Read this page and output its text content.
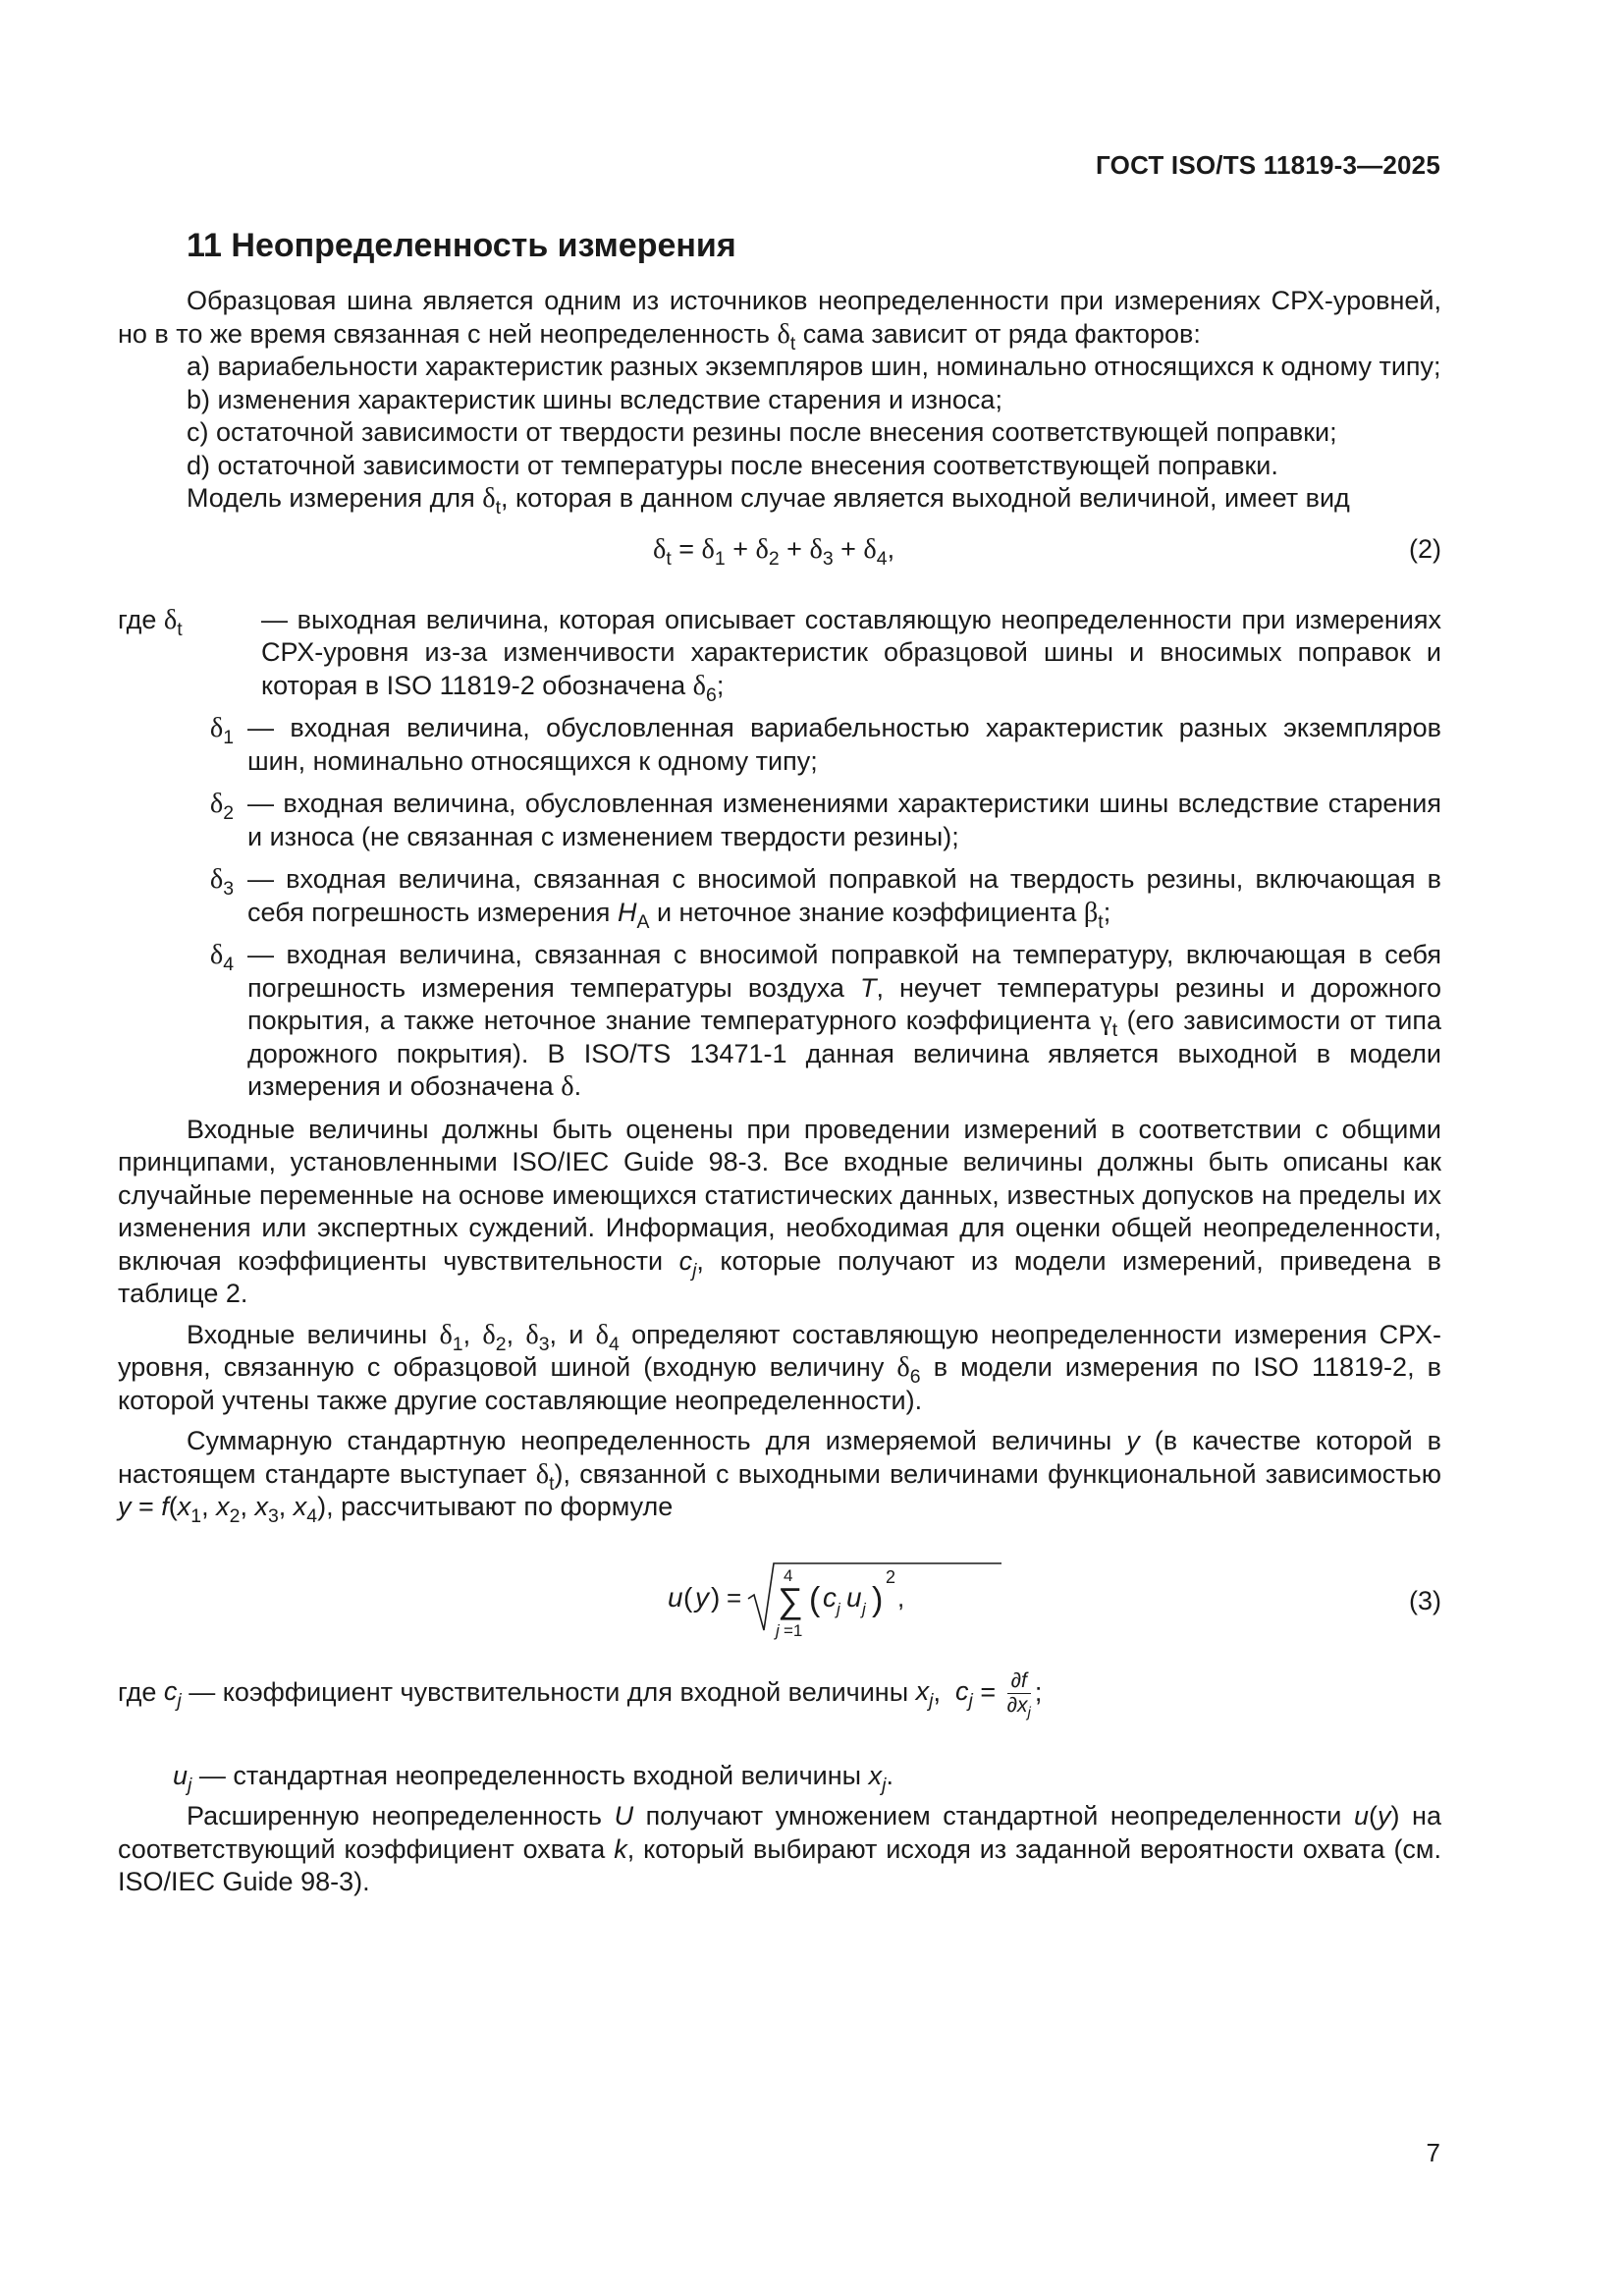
ГОСТ ISO/TS 11819-3—2025
11 Неопределенность измерения

Образцовая шина является одним из источников неопределенности при измерениях СРХ-уровней, но в то же время связанная с ней неопределенность $\delta_t$ сама зависит от ряда факторов:

a) вариабельности характеристик разных экземпляров шин, номинально относящихся к одному типу;

b) изменения характеристик шины вследствие старения и износа;

c) остаточной зависимости от твердости резины после внесения соответствующей поправки;

d) остаточной зависимости от температуры после внесения соответствующей поправки.

Модель измерения для $\delta_t$, которая в данном случае является выходной величиной, имеет вид

$\delta_t = \delta_1 + \delta_2 + \delta_3 + \delta_4$,	(2)
где $\delta_t$	— выходная величина, которая описывает составляющую неопределенности при измерениях СРХ-уровня из-за изменчивости характеристик образцовой шины и вносимых поправок и которая в ISO 11819-2 обозначена $\delta_6$;
$\delta_1$	— входная величина, обусловленная вариабельностью характеристик разных экземпляров шин, номинально относящихся к одному типу;
$\delta_2$	— входная величина, обусловленная изменениями характеристики шины вследствие старения и износа (не связанная с изменением твердости резины);
$\delta_3$	— входная величина, связанная с вносимой поправкой на твердость резины, включающая в себя погрешность измерения $H_A$ и неточное знание коэффициента $\beta_t$;
$\delta_4$	— входная величина, связанная с вносимой поправкой на температуру, включающая в себя погрешность измерения температуры воздуха T, неучет температуры резины и дорожного покрытия, а также неточное знание температурного коэффициента $\gamma_t$ (его зависимости от типа дорожного покрытия). В ISO/TS 13471-1 данная величина является выходной в модели измерения и обозначена δ.

Входные величины должны быть оценены при проведении измерений в соответствии с общими принципами, установленными ISO/IEC Guide 98-3. Все входные величины должны быть описаны как случайные переменные на основе имеющихся статистических данных, известных допусков на пределы их изменения или экспертных суждений. Информация, необходимая для оценки общей неопределенности, включая коэффициенты чувствительности $c_j$, которые получают из модели измерений, приведена в таблице 2.

Входные величины $\delta_1$, $\delta_2$, $\delta_3$, и $\delta_4$ определяют составляющую неопределенности измерения СРХ-уровня, связанную с образцовой шиной (входную величину $\delta_6$ в модели измерения по ISO 11819-2, в которой учтены также другие составляющие неопределенности).

Суммарную стандартную неопределенность для измеряемой величины y (в качестве которой в настоящем стандарте выступает $\delta_t$), связанной с выходными величинами функциональной зависимостью $y = f(x_1$, $x_2$, $x_3$, $x_4$), рассчитывают по формуле

u ( y ) =
4
∑
j =1
( c j u j )
2
,	(3)

где $c_j$ — коэффициент чувствительности для входной величины $x_j$,  $c_j = \frac{\partial f}{\partial x_j}$ ;

$u_j$ — стандартная неопределенность входной величины $x_j$.

Расширенную неопределенность U получают умножением стандартной неопределенности u(y) на соответствующий коэффициент охвата k, который выбирают исходя из заданной вероятности охвата (см. ISO/IEC Guide 98-3).

7
